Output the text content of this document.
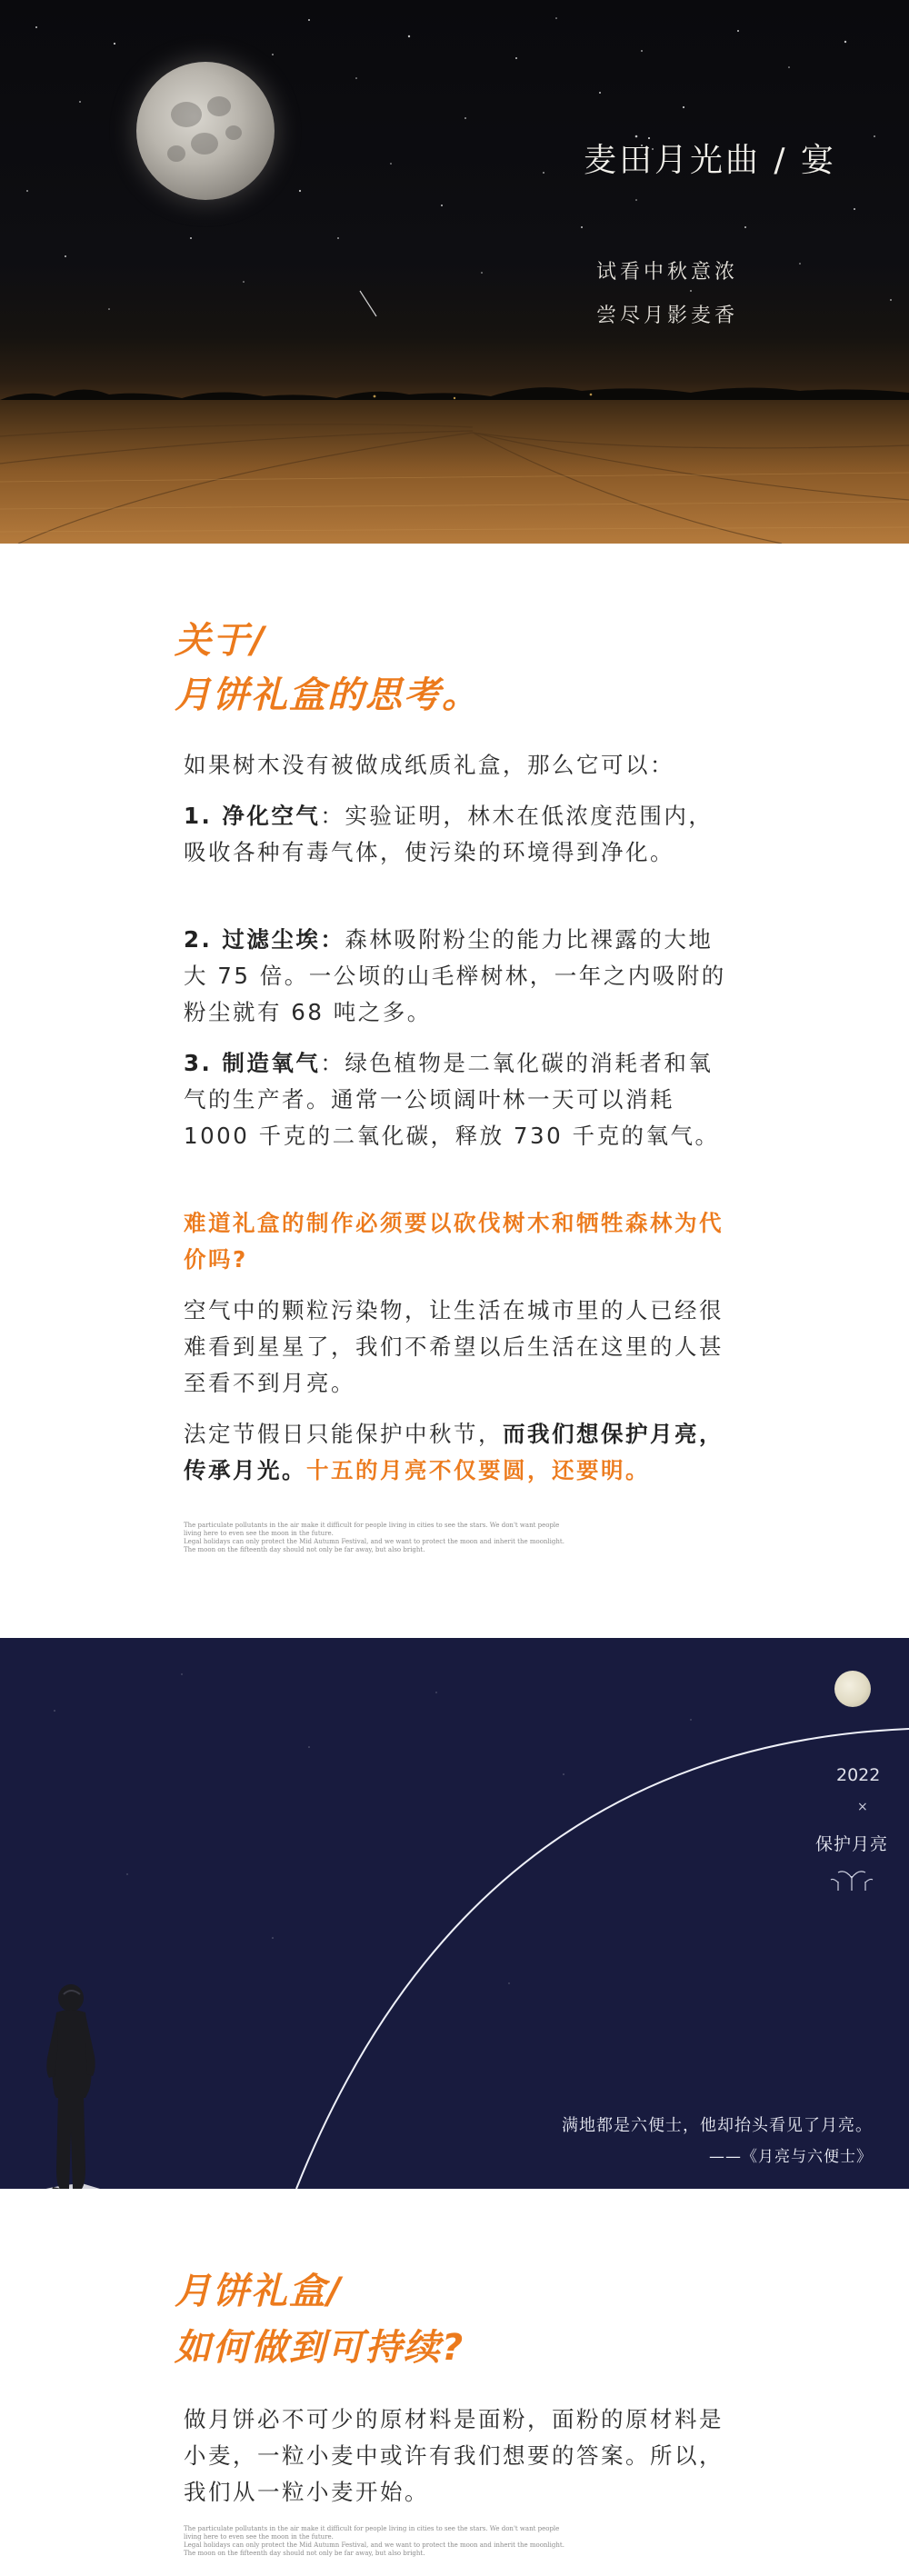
麦田月光曲 / 宴
试看中秋意浓
尝尽月影麦香
关于/
月饼礼盒的思考。

如果树木没有被做成纸质礼盒，那么它可以：

1. 净化空气：实验证明，林木在低浓度范围内，吸收各种有毒气体，使污染的环境得到净化。

2. 过滤尘埃：森林吸附粉尘的能力比裸露的大地大 75 倍。一公顷的山毛榉树林，一年之内吸附的粉尘就有 68 吨之多。

3. 制造氧气：绿色植物是二氧化碳的消耗者和氧气的生产者。通常一公顷阔叶林一天可以消耗 1000 千克的二氧化碳，释放 730 千克的氧气。

难道礼盒的制作必须要以砍伐树木和牺牲森林为代价吗?

空气中的颗粒污染物，让生活在城市里的人已经很难看到星星了，我们不希望以后生活在这里的人甚至看不到月亮。

法定节假日只能保护中秋节，而我们想保护月亮，传承月光。十五的月亮不仅要圆，还要明。

The particulate pollutants in the air make it difficult for people living in cities to see the stars. We don't want people
living here to even see the moon in the future.
Legal holidays can only protect the Mid Autumn Festival, and we want to protect the moon and inherit the moonlight.
The moon on the fifteenth day should not only be far away, but also bright.
2022
×
保护月亮
满地都是六便士，他却抬头看见了月亮。
——《月亮与六便士》
月饼礼盒/
如何做到可持续?

做月饼必不可少的原材料是面粉，面粉的原材料是小麦，一粒小麦中或许有我们想要的答案。所以，我们从一粒小麦开始。

The particulate pollutants in the air make it difficult for people living in cities to see the stars. We don't want people
living here to even see the moon in the future.
Legal holidays can only protect the Mid Autumn Festival, and we want to protect the moon and inherit the moonlight.
The moon on the fifteenth day should not only be far away, but also bright.
